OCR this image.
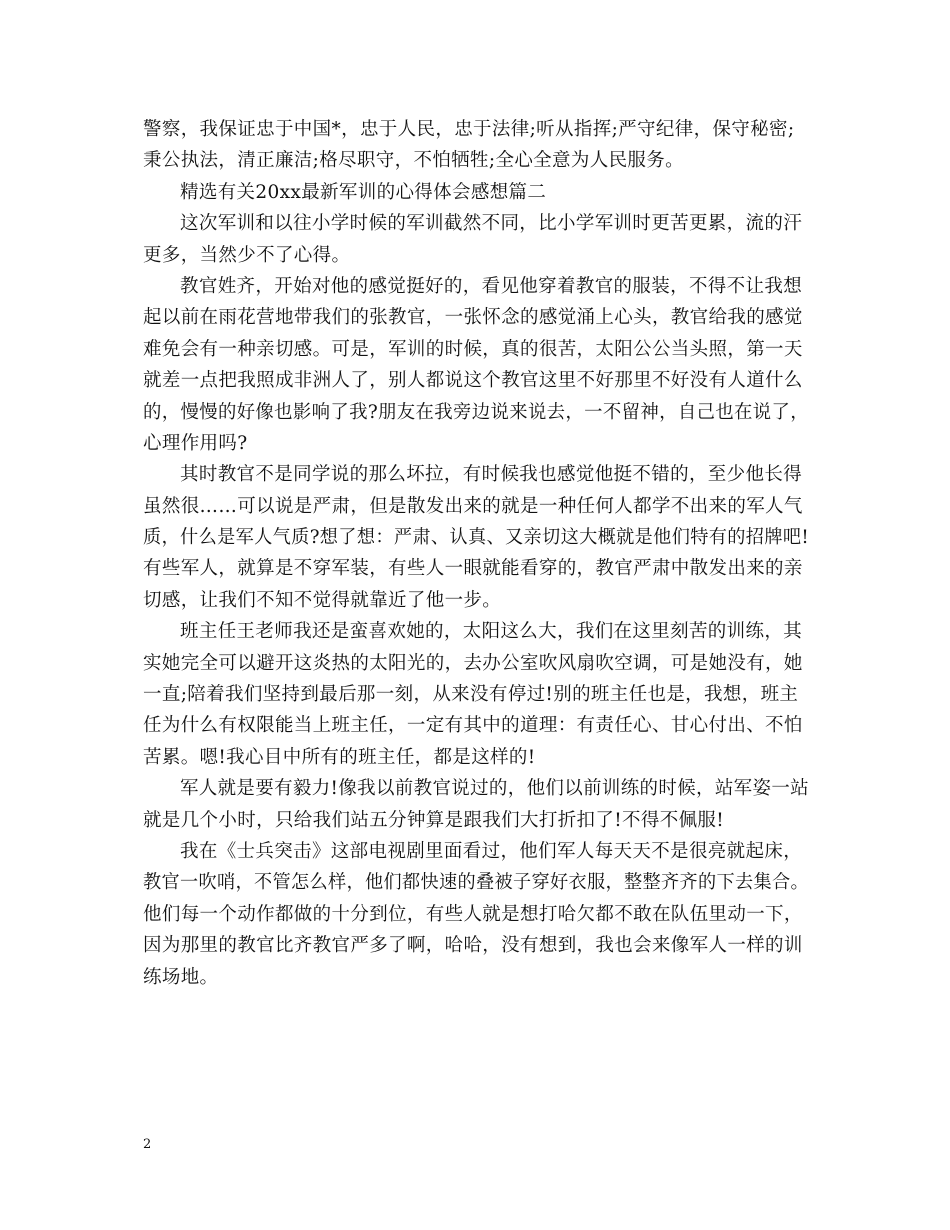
警察，我保证忠于中国*，忠于人民，忠于法律;听从指挥;严守纪律，保守秘密;
秉公执法，清正廉洁;格尽职守，不怕牺牲;全心全意为人民服务。
精选有关20xx最新军训的心得体会感想篇二
这次军训和以往小学时候的军训截然不同，比小学军训时更苦更累，流的汗
更多，当然少不了心得。
教官姓齐，开始对他的感觉挺好的，看见他穿着教官的服装，不得不让我想
起以前在雨花营地带我们的张教官，一张怀念的感觉涌上心头，教官给我的感觉
难免会有一种亲切感。可是，军训的时候，真的很苦，太阳公公当头照，第一天
就差一点把我照成非洲人了，别人都说这个教官这里不好那里不好没有人道什么
的，慢慢的好像也影响了我?朋友在我旁边说来说去，一不留神，自己也在说了，
心理作用吗?
其时教官不是同学说的那么坏拉，有时候我也感觉他挺不错的，至少他长得
虽然很……可以说是严肃，但是散发出来的就是一种任何人都学不出来的军人气
质，什么是军人气质?想了想：严肃、认真、又亲切这大概就是他们特有的招牌吧!
有些军人，就算是不穿军装，有些人一眼就能看穿的，教官严肃中散发出来的亲
切感，让我们不知不觉得就靠近了他一步。
班主任王老师我还是蛮喜欢她的，太阳这么大，我们在这里刻苦的训练，其
实她完全可以避开这炎热的太阳光的，去办公室吹风扇吹空调，可是她没有，她
一直;陪着我们坚持到最后那一刻，从来没有停过!别的班主任也是，我想，班主
任为什么有权限能当上班主任，一定有其中的道理：有责任心、甘心付出、不怕
苦累。嗯!我心目中所有的班主任，都是这样的!
军人就是要有毅力!像我以前教官说过的，他们以前训练的时候，站军姿一站
就是几个小时，只给我们站五分钟算是跟我们大打折扣了!不得不佩服!
我在《士兵突击》这部电视剧里面看过，他们军人每天天不是很亮就起床，
教官一吹哨，不管怎么样，他们都快速的叠被子穿好衣服，整整齐齐的下去集合。
他们每一个动作都做的十分到位，有些人就是想打哈欠都不敢在队伍里动一下，
因为那里的教官比齐教官严多了啊，哈哈，没有想到，我也会来像军人一样的训
练场地。
2
